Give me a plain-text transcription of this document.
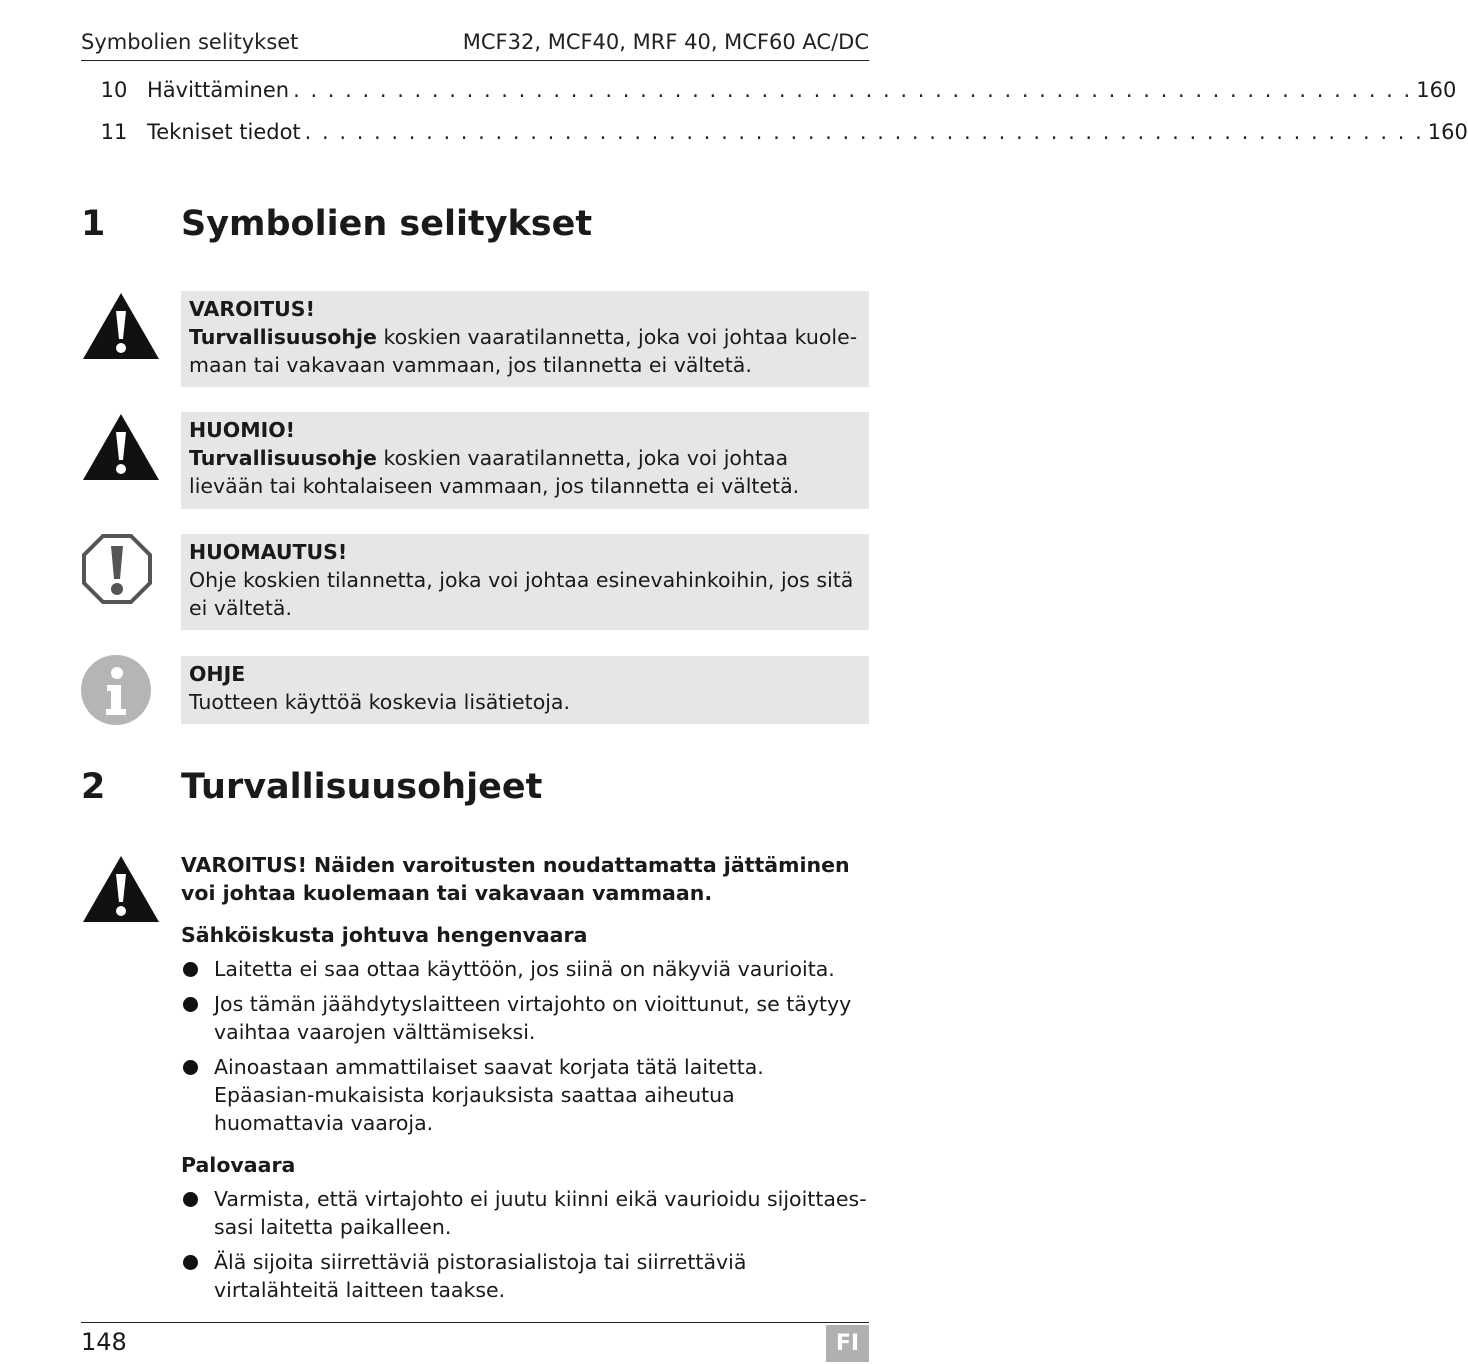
Symbolien selitykset	MCF32, MCF40, MRF 40, MCF60 AC/DC
10 Hävittäminen . . . . . . . . . . . . . . . . . . . . . . . . . . . . . . . . . . . . . . . . . . . . . . . . . . . . . . . . . . . . . . . . . 160
11 Tekniset tiedot . . . . . . . . . . . . . . . . . . . . . . . . . . . . . . . . . . . . . . . . . . . . . . . . . . . . . . . . . . . . . . . . . 160
1 Symbolien selitykset
VAROITUS!
Turvallisuusohje koskien vaaratilannetta, joka voi johtaa kuole-maan tai vakavaan vammaan, jos tilannetta ei vältetä.
HUOMIO!
Turvallisuusohje koskien vaaratilannetta, joka voi johtaa lievään tai kohtalaiseen vammaan, jos tilannetta ei vältetä.
HUOMAUTUS!
Ohje koskien tilannetta, joka voi johtaa esinevahinkoihin, jos sitä ei vältetä.
OHJE
Tuotteen käyttöä koskevia lisätietoja.
2 Turvallisuusohjeet
VAROITUS! Näiden varoitusten noudattamatta jättäminen voi johtaa kuolemaan tai vakavaan vammaan.
Sähköiskusta johtuva hengenvaara
Laitetta ei saa ottaa käyttöön, jos siinä on näkyviä vaurioita.
Jos tämän jäähdytyslaitteen virtajohto on vioittunut, se täytyy vaihtaa vaarojen välttämiseksi.
Ainoastaan ammattilaiset saavat korjata tätä laitetta. Epäasian-mukaisista korjauksista saattaa aiheutua huomattavia vaaroja.
Palovaara
Varmista, että virtajohto ei juutu kiinni eikä vaurioidu sijoittaes-sasi laitetta paikalleen.
Älä sijoita siirrettäviä pistorasialistoja tai siirrettäviä virtalähteitä laitteen taakse.
148	FI
